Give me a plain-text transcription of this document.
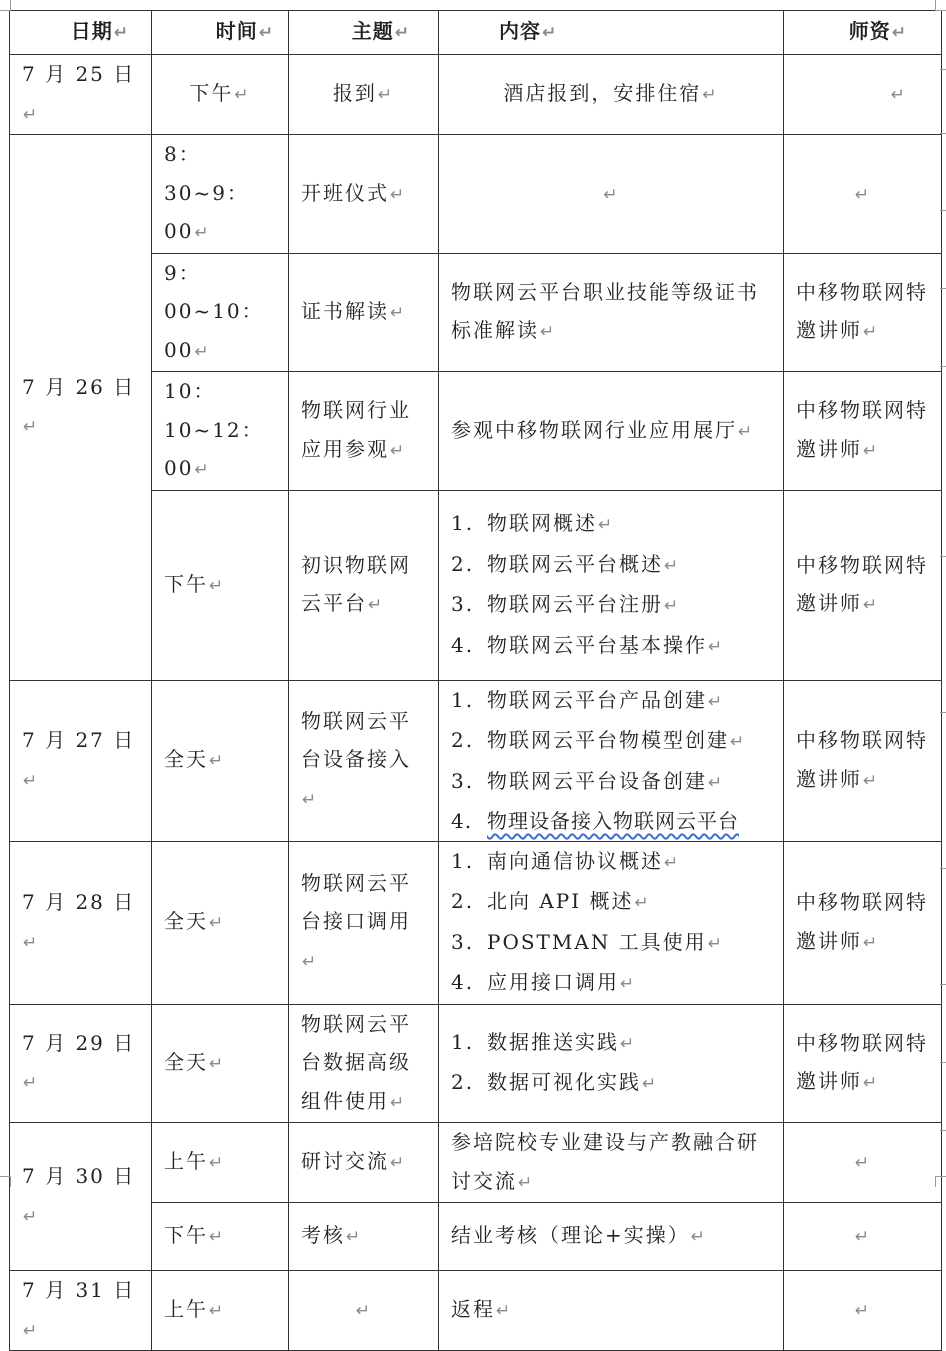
日期↵	时间↵	主题↵	内容↵	师资↵
7 月 25 日↵	下午↵	报到↵	酒店报到，安排住宿↵	↵
7 月 26 日↵	8：30~9：00↵	开班仪式↵	↵	↵
	9：00~10：00↵	证书解读↵	物联网云平台职业技能等级证书标准解读↵	中移物联网特邀讲师↵
	10：10~12：00↵	物联网行业应用参观↵	参观中移物联网行业应用展厅↵	中移物联网特邀讲师↵
	下午↵	初识物联网云平台↵	1. 物联网概述↵
2. 物联网云平台概述↵
3. 物联网云平台注册↵
4. 物联网云平台基本操作↵	中移物联网特邀讲师↵
7 月 27 日↵	全天↵	物联网云平台设备接入↵	1. 物联网云平台产品创建↵
2. 物联网云平台物模型创建↵
3. 物联网云平台设备创建↵
4. 物理设备接入物联网云平台	中移物联网特邀讲师↵
7 月 28 日↵	全天↵	物联网云平台接口调用↵	1. 南向通信协议概述↵
2. 北向 API 概述↵
3. POSTMAN 工具使用↵
4. 应用接口调用↵	中移物联网特邀讲师↵
7 月 29 日↵	全天↵	物联网云平台数据高级组件使用↵	1. 数据推送实践↵
2. 数据可视化实践↵	中移物联网特邀讲师↵
7 月 30 日↵	上午↵	研讨交流↵	参培院校专业建设与产教融合研讨交流↵	↵
	下午↵	考核↵	结业考核（理论+实操）↵	↵
7 月 31 日↵	上午↵	↵	返程↵	↵
